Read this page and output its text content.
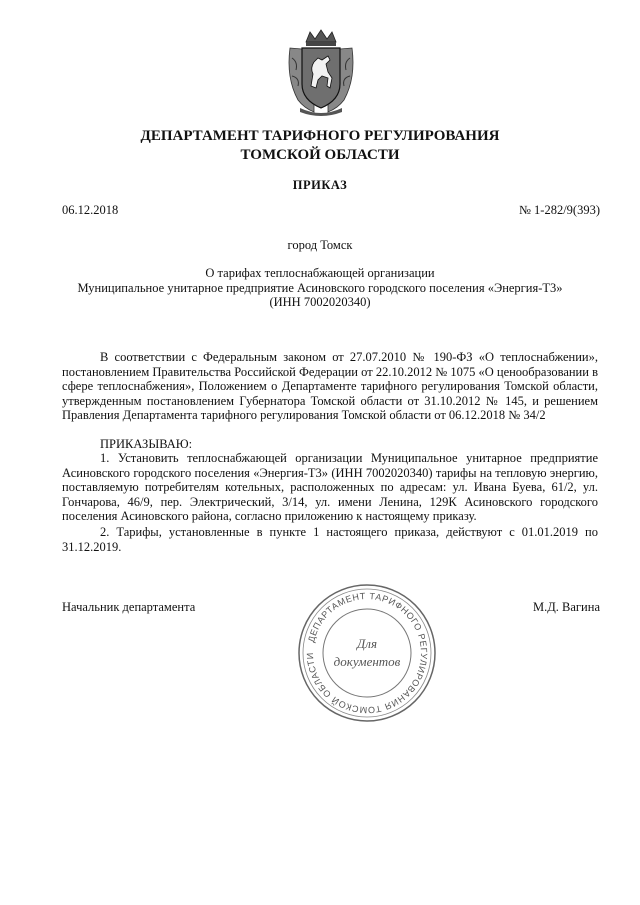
ДЕПАРТАМЕНТ ТАРИФНОГО РЕГУЛИРОВАНИЯ
ТОМСКОЙ ОБЛАСТИ
ПРИКАЗ
06.12.2018	№ 1-282/9(393)
город Томск
О тарифах теплоснабжающей организации
Муниципальное унитарное предприятие Асиновского городского поселения «Энергия-Т3»
(ИНН 7002020340)

В соответствии с Федеральным законом от 27.07.2010 № 190-ФЗ «О теплоснабжении», постановлением Правительства Российской Федерации от 22.10.2012 № 1075 «О ценообразовании в сфере теплоснабжения», Положением о Департаменте тарифного регулирования Томской области, утвержденным постановлением Губернатора Томской области от 31.10.2012 № 145, и решением Правления Департамента тарифного регулирования Томской области от 06.12.2018 № 34/2

ПРИКАЗЫВАЮ:

1. Установить теплоснабжающей организации Муниципальное унитарное предприятие Асиновского городского поселения «Энергия-Т3» (ИНН 7002020340) тарифы на тепловую энергию, поставляемую потребителям котельных, расположенных по адресам: ул. Ивана Буева, 61/2, ул. Гончарова, 46/9, пер. Электрический, 3/14, ул. имени Ленина, 129К Асиновского городского поселения Асиновского района, согласно приложению к настоящему приказу.

2. Тарифы, установленные в пункте 1 настоящего приказа, действуют с 01.01.2019 по 31.12.2019.

Начальник департамента	М.Д. Вагина
ДЕПАРТАМЕНТ ТАРИФНОГО РЕГУЛИРОВАНИЯ ТОМСКОЙ ОБЛАСТИ
Для
документов
